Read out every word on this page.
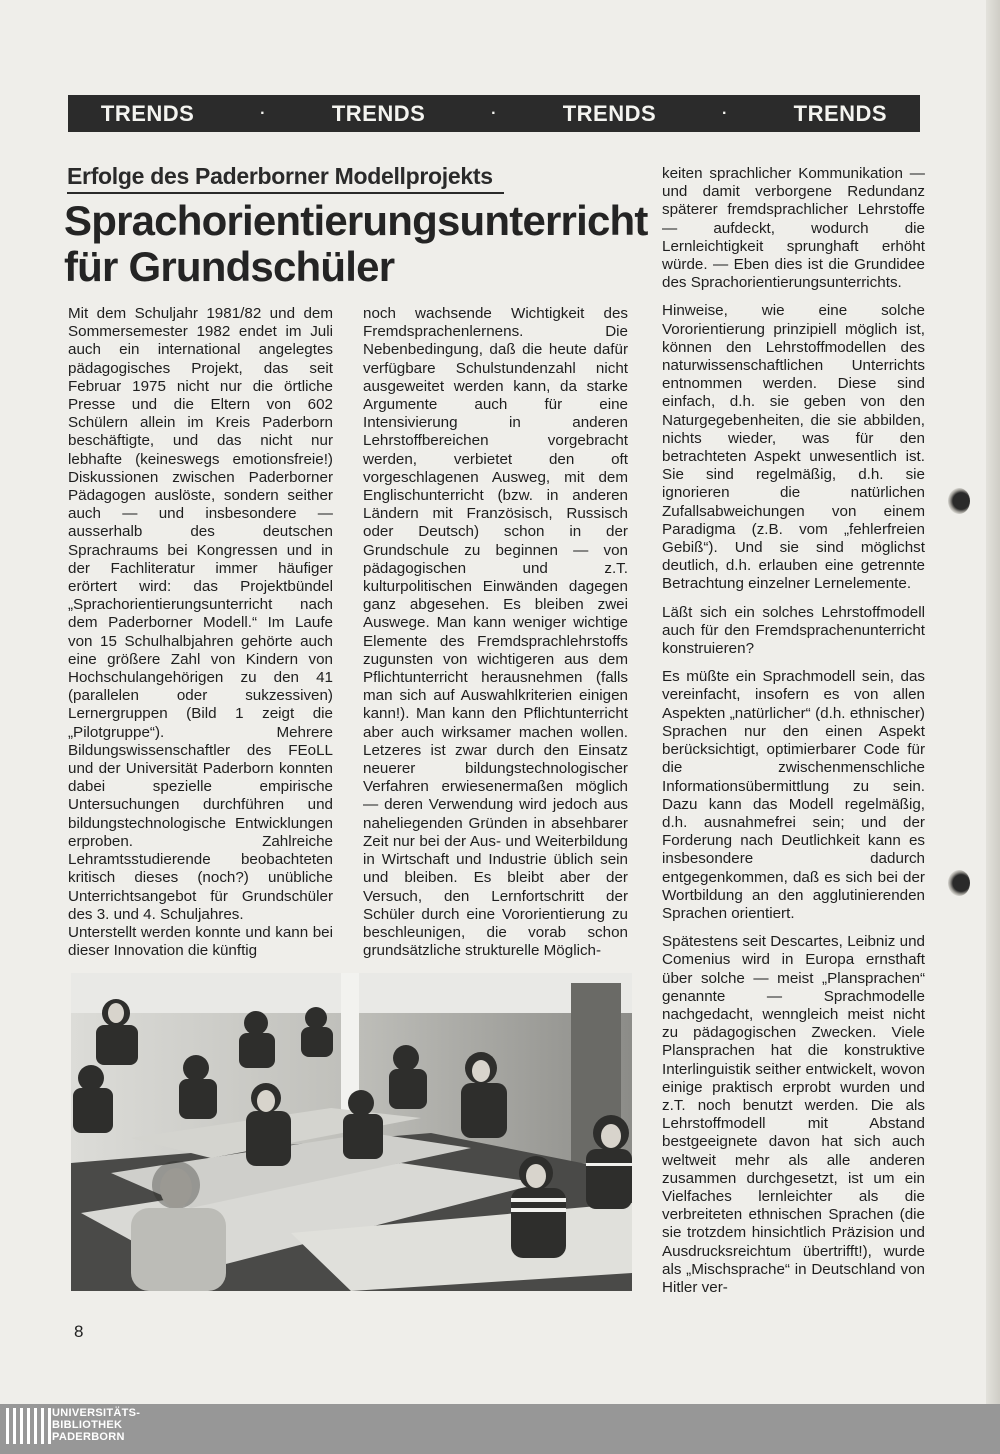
TRENDS	·	TRENDS	·	TRENDS	·	TRENDS
Erfolge des Paderborner Modellprojekts
Sprachorientierungsunterricht
für Grundschüler

Mit dem Schuljahr 1981/82 und dem Sommersemester 1982 endet im Juli auch ein international angelegtes pädagogisches Projekt, das seit Februar 1975 nicht nur die örtliche Presse und die Eltern von 602 Schülern allein im Kreis Paderborn beschäftigte, und das nicht nur lebhafte (keineswegs emotionsfreie!) Diskussionen zwischen Paderborner Pädagogen auslöste, sondern seither auch — und insbesondere — ausserhalb des deutschen Sprachraums bei Kongressen und in der Fachliteratur immer häufiger erörtert wird: das Projektbündel „Sprachorientierungsunterricht nach dem Paderborner Modell.“ Im Laufe von 15 Schulhalbjahren gehörte auch eine größere Zahl von Kindern von Hochschulangehörigen zu den 41 (parallelen oder sukzessiven) Lernergruppen (Bild 1 zeigt die „Pilotgruppe“). Mehrere Bildungswissenschaftler des FEoLL und der Universität Paderborn konnten dabei spezielle empirische Untersuchungen durchführen und bildungstechnologische Entwicklungen erproben. Zahlreiche Lehramtsstudierende beobachteten kritisch dieses (noch?) unübliche Unterrichtsangebot für Grundschüler des 3. und 4. Schuljahres.

Unterstellt werden konnte und kann bei dieser Innovation die künftig

noch wachsende Wichtigkeit des Fremdsprachenlernens. Die Nebenbedingung, daß die heute dafür verfügbare Schulstundenzahl nicht ausgeweitet werden kann, da starke Argumente auch für eine Intensivierung in anderen Lehrstoffbereichen vorgebracht werden, verbietet den oft vorgeschlagenen Ausweg, mit dem Englischunterricht (bzw. in anderen Ländern mit Französisch, Russisch oder Deutsch) schon in der Grundschule zu beginnen — von pädagogischen und z.T. kulturpolitischen Einwänden dagegen ganz abgesehen. Es bleiben zwei Auswege. Man kann weniger wichtige Elemente des Fremdsprachlehrstoffs zugunsten von wichtigeren aus dem Pflichtunterricht herausnehmen (falls man sich auf Auswahlkriterien einigen kann!). Man kann den Pflichtunterricht aber auch wirksamer machen wollen. Letzeres ist zwar durch den Einsatz neuerer bildungstechnologischer Verfahren erwiesenermaßen möglich — deren Verwendung wird jedoch aus naheliegenden Gründen in absehbarer Zeit nur bei der Aus- und Weiterbildung in Wirtschaft und Industrie üblich sein und bleiben. Es bleibt aber der Versuch, den Lernfortschritt der Schüler durch eine Vororientierung zu beschleunigen, die vorab schon grundsätzliche strukturelle Möglich-

keiten sprachlicher Kommunikation — und damit verborgene Redundanz späterer fremdsprachlicher Lehrstoffe — aufdeckt, wodurch die Lernleichtigkeit sprunghaft erhöht würde. — Eben dies ist die Grundidee des Sprachorientierungsunterrichts.

Hinweise, wie eine solche Vororientierung prinzipiell möglich ist, können den Lehrstoffmodellen des naturwissenschaftlichen Unterrichts entnommen werden. Diese sind einfach, d.h. sie geben von den Naturgegebenheiten, die sie abbilden, nichts wieder, was für den betrachteten Aspekt unwesentlich ist. Sie sind regelmäßig, d.h. sie ignorieren die natürlichen Zufallsabweichungen von einem Paradigma (z.B. vom „fehlerfreien Gebiß“). Und sie sind möglichst deutlich, d.h. erlauben eine getrennte Betrachtung einzelner Lernelemente.

Läßt sich ein solches Lehrstoffmodell auch für den Fremdsprachenunterricht konstruieren?

Es müßte ein Sprachmodell sein, das vereinfacht, insofern es von allen Aspekten „natürlicher“ (d.h. ethnischer) Sprachen nur den einen Aspekt berücksichtigt, optimierbarer Code für die zwischenmenschliche Informationsübermittlung zu sein. Dazu kann das Modell regelmäßig, d.h. ausnahmefrei sein; und der Forderung nach Deutlichkeit kann es insbesondere dadurch entgegenkommen, daß es sich bei der Wortbildung an den agglutinierenden Sprachen orientiert.

Spätestens seit Descartes, Leibniz und Comenius wird in Europa ernsthaft über solche — meist „Plansprachen“ genannte — Sprachmodelle nachgedacht, wenngleich meist nicht zu pädagogischen Zwecken. Viele Plansprachen hat die konstruktive Interlinguistik seither entwickelt, wovon einige praktisch erprobt wurden und z.T. noch benutzt werden. Die als Lehrstoffmodell mit Abstand bestgeeignete davon hat sich auch weltweit mehr als alle anderen zusammen durchgesetzt, ist um ein Vielfaches lernleichter als die verbreiteten ethnischen Sprachen (die sie trotzdem hinsichtlich Präzision und Ausdrucksreichtum übertrifft!), wurde als „Mischsprache“ in Deutschland von Hitler ver-

8
UNIVERSITÄTS-
BIBLIOTHEK
PADERBORN
